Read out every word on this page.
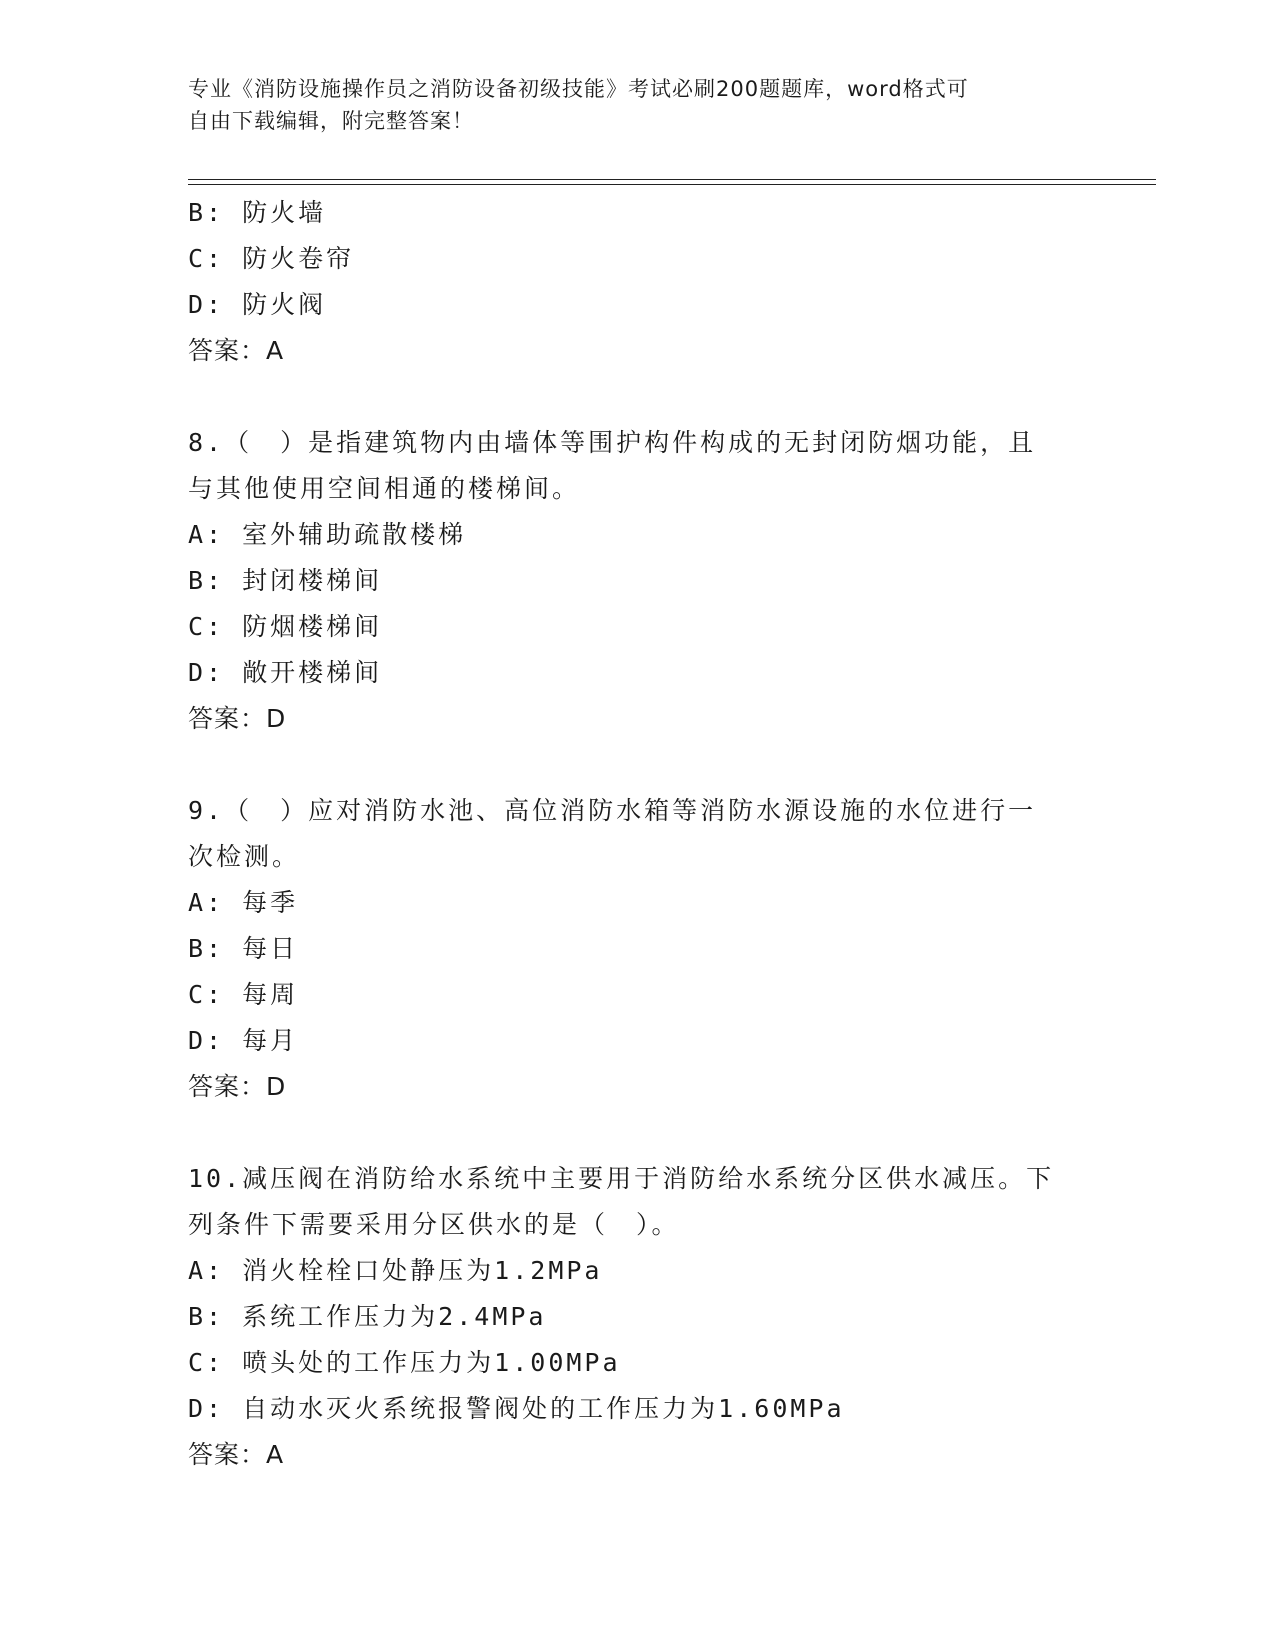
专业《消防设施操作员之消防设备初级技能》考试必刷200题题库，word格式可
自由下载编辑，附完整答案！
B: 防火墙
C: 防火卷帘
D: 防火阀
答案：A
8.（　）是指建筑物内由墙体等围护构件构成的无封闭防烟功能，且
与其他使用空间相通的楼梯间。
A: 室外辅助疏散楼梯
B: 封闭楼梯间
C: 防烟楼梯间
D: 敞开楼梯间
答案：D
9.（　）应对消防水池、高位消防水箱等消防水源设施的水位进行一
次检测。
A: 每季
B: 每日
C: 每周
D: 每月
答案：D
10.减压阀在消防给水系统中主要用于消防给水系统分区供水减压。下
列条件下需要采用分区供水的是（　）。
A: 消火栓栓口处静压为1.2MPa
B: 系统工作压力为2.4MPa
C: 喷头处的工作压力为1.00MPa
D: 自动水灭火系统报警阀处的工作压力为1.60MPa
答案：A
